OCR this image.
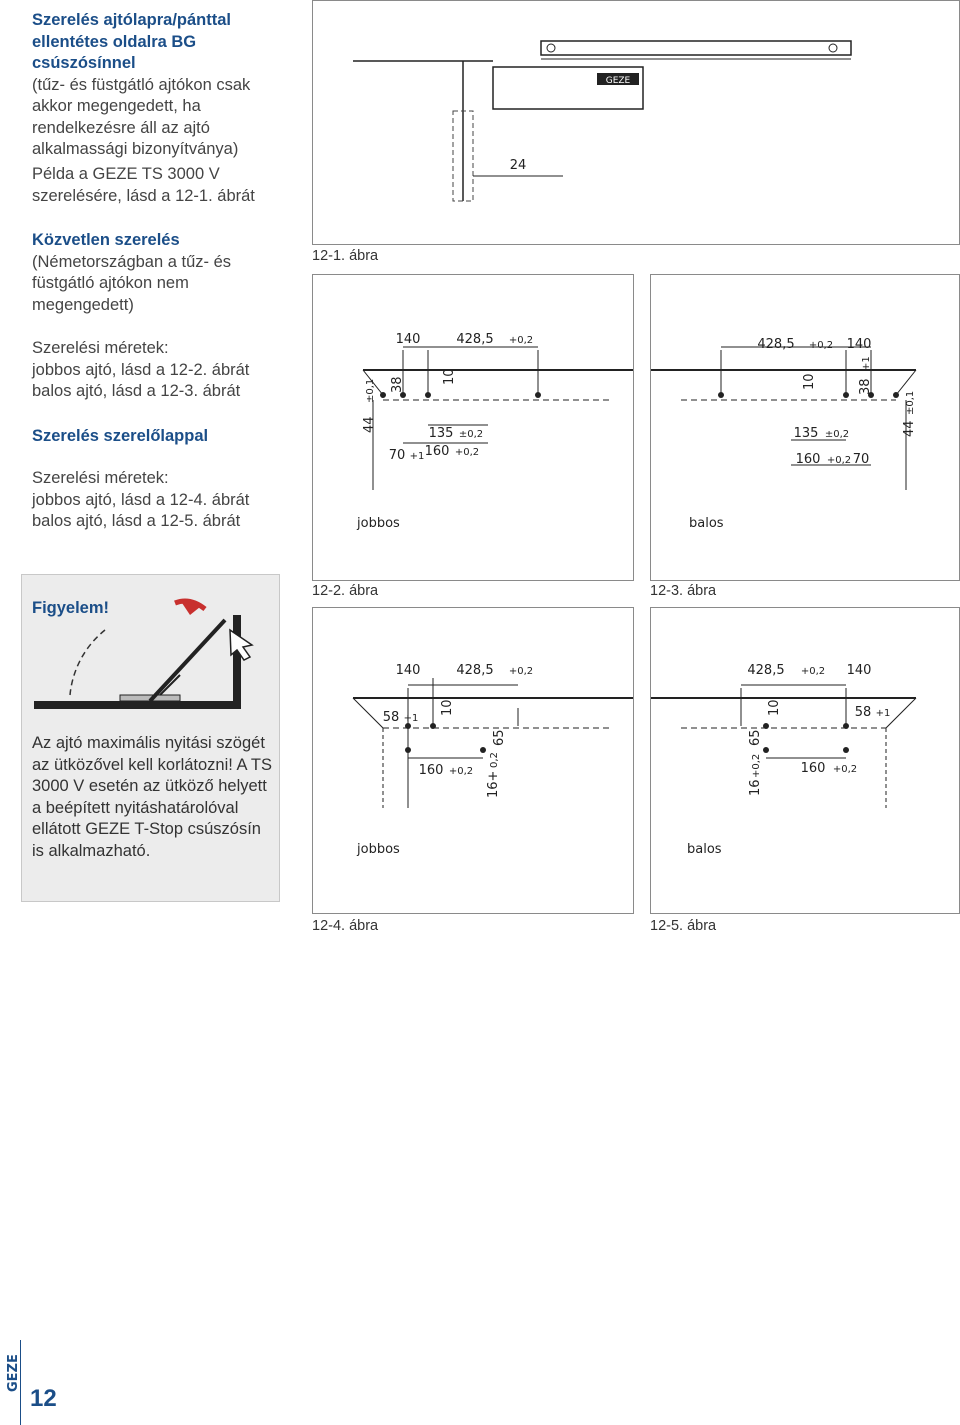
Szerelés ajtólapra/pánttal ellentétes oldalra BG csúszósínnel
(tűz- és füstgátló ajtókon csak akkor megengedett, ha rendelkezésre áll az ajtó alkalmassági bizonyítványa)
Példa a GEZE TS 3000 V szerelésére, lásd a 12-1. ábrát
Közvetlen szerelés
(Németországban a tűz- és füstgátló ajtókon nem megengedett)
Szerelési méretek:
jobbos ajtó, lásd a 12-2. ábrát
balos ajtó, lásd a 12-3. ábrát
Szerelés szerelőlappal
Szerelési méretek:
jobbos ajtó, lásd a 12-4. ábrát
balos ajtó, lásd a 12-5. ábrát
Figyelem!
Az ajtó maximális nyitási szögét az ütközővel kell korlátozni! A TS 3000 V esetén az ütköző helyett a beépített nyitáshatárolóval ellátott GEZE T-Stop csúszósín is alkalmazható.
GEZE
24
12-1. ábra
140	428,5 +0,2
10
38
44
±0,1
135 ±0,2
160 +0,2
70 +1
jobbos
12-2. ábra
428,5 +0,2 140
10	38
+1
44
±0,1
135 ±0,2
160 +0,2 70
balos
12-3. ábra
140	428,5 +0,2
58 +1
10
65
16+
0,2
160 +0,2
jobbos
12-4. ábra
428,5 +0,2 140
58 +1
10
65
16
+0,2	160 +0,2
balos
12-5. ábra
GEZE
12
